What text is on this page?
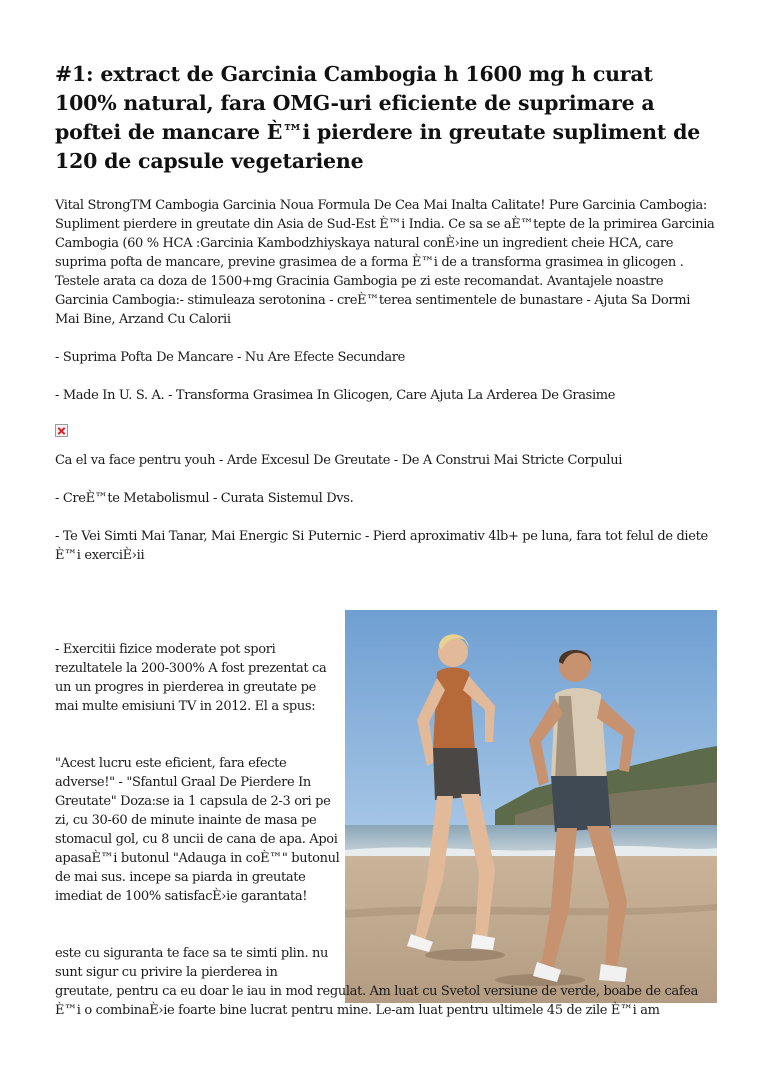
#1: extract de Garcinia Cambogia h 1600 mg h curat 100% natural, fara OMG-uri eficiente de suprimare a poftei de mancare È™i pierdere in greutate supliment de 120 de capsule vegetariene

Vital StrongTM Cambogia Garcinia Noua Formula De Cea Mai Inalta Calitate! Pure Garcinia Cambogia: Supliment pierdere in greutate din Asia de Sud-Est È™i India. Ce sa se aÈ™tepte de la primirea Garcinia Cambogia (60 % HCA :Garcinia Kambodzhiyskaya natural conÈ›ine un ingredient cheie HCA, care suprima pofta de mancare, previne grasimea de a forma È™i de a transforma grasimea in glicogen . Testele arata ca doza de 1500+mg Gracinia Gambogia pe zi este recomandat. Avantajele noastre Garcinia Cambogia:- stimuleaza serotonina - creÈ™terea sentimentele de bunastare - Ajuta Sa Dormi Mai Bine, Arzand Cu Calorii

- Suprima Pofta De Mancare - Nu Are Efecte Secundare

- Made In U. S. A. - Transforma Grasimea In Glicogen, Care Ajuta La Arderea De Grasime

Ca el va face pentru youh - Arde Excesul De Greutate - De A Construi Mai Stricte Corpului

- CreÈ™te Metabolismul - Curata Sistemul Dvs.

- Te Vei Simti Mai Tanar, Mai Energic Si Puternic - Pierd aproximativ 4lb+ pe luna, fara tot felul de diete È™i exerciÈ›ii

- Exercitii fizice moderate pot spori rezultatele la 200-300% A fost prezentat ca un un progres in pierderea in greutate pe mai multe emisiuni TV in 2012. El a spus:

"Acest lucru este eficient, fara efecte adverse!" - "Sfantul Graal De Pierdere In Greutate" Doza:se ia 1 capsula de 2-3 ori pe zi, cu 30-60 de minute inainte de masa pe stomacul gol, cu 8 uncii de cana de apa. Apoi apasaÈ™i butonul "Adauga in coÈ™" butonul de mai sus. incepe sa piarda in greutate imediat de 100% satisfacÈ›ie garantata!

este cu siguranta te face sa te simti plin. nu sunt sigur cu privire la pierderea in

greutate, pentru ca eu doar le iau in mod regulat. Am luat cu Svetol versiune de verde, boabe de cafea È™i o combinaÈ›ie foarte bine lucrat pentru mine. Le-am luat pentru ultimele 45 de zile È™i am
